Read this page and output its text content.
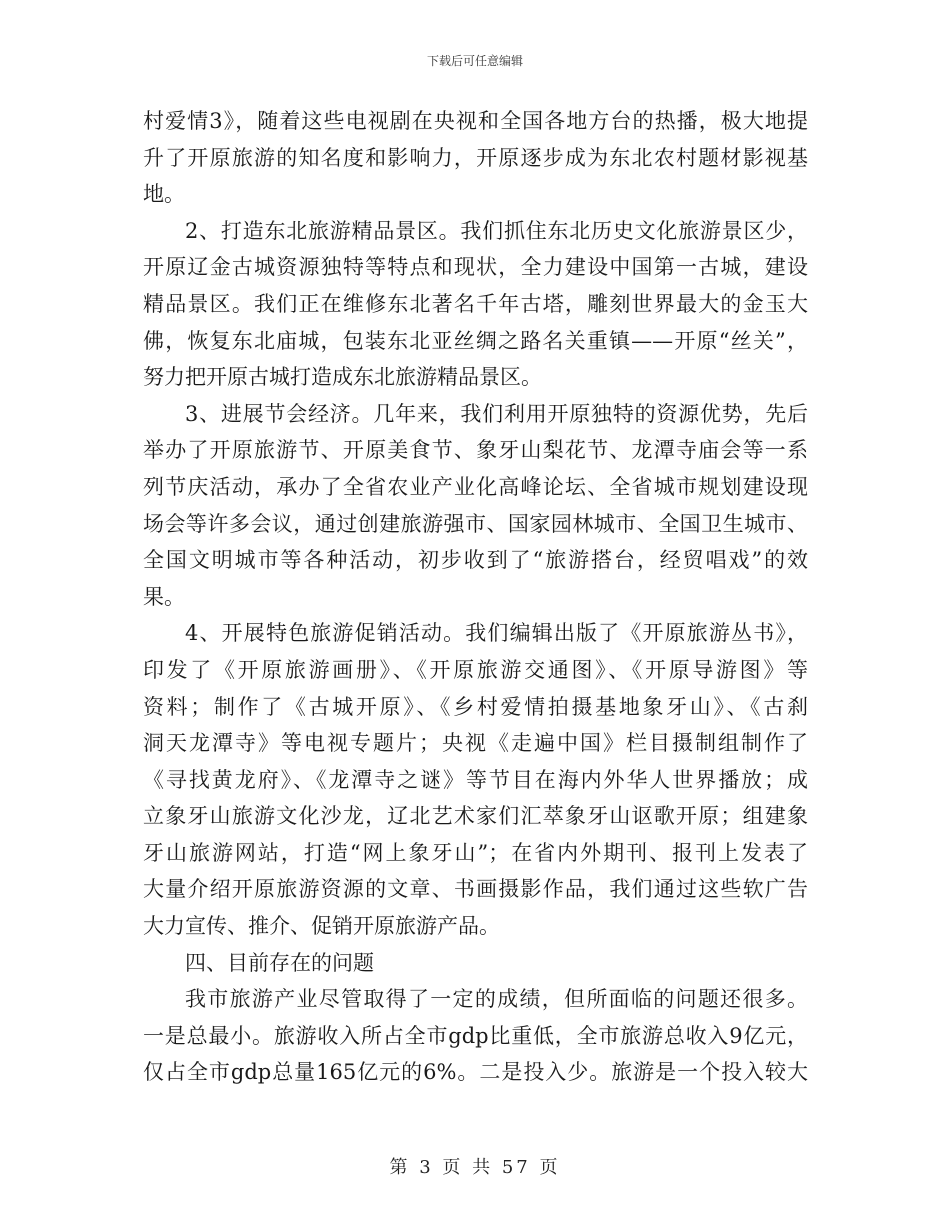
下载后可任意编辑
村爱情3》，随着这些电视剧在央视和全国各地方台的热播，极大地提
升了开原旅游的知名度和影响力，开原逐步成为东北农村题材影视基
地。
2、打造东北旅游精品景区。我们抓住东北历史文化旅游景区少，
开原辽金古城资源独特等特点和现状，全力建设中国第一古城，建设
精品景区。我们正在维修东北著名千年古塔，雕刻世界最大的金玉大
佛，恢复东北庙城，包装东北亚丝绸之路名关重镇——开原“丝关”，
努力把开原古城打造成东北旅游精品景区。
3、进展节会经济。几年来，我们利用开原独特的资源优势，先后
举办了开原旅游节、开原美食节、象牙山梨花节、龙潭寺庙会等一系
列节庆活动，承办了全省农业产业化高峰论坛、全省城市规划建设现
场会等许多会议，通过创建旅游强市、国家园林城市、全国卫生城市、
全国文明城市等各种活动，初步收到了“旅游搭台，经贸唱戏”的效
果。
4、开展特色旅游促销活动。我们编辑出版了《开原旅游丛书》，
印发了《开原旅游画册》、《开原旅游交通图》、《开原导游图》等
资料；制作了《古城开原》、《乡村爱情拍摄基地象牙山》、《古刹
洞天龙潭寺》等电视专题片；央视《走遍中国》栏目摄制组制作了
《寻找黄龙府》、《龙潭寺之谜》等节目在海内外华人世界播放；成
立象牙山旅游文化沙龙，辽北艺术家们汇萃象牙山讴歌开原；组建象
牙山旅游网站，打造“网上象牙山”；在省内外期刊、报刊上发表了
大量介绍开原旅游资源的文章、书画摄影作品，我们通过这些软广告
大力宣传、推介、促销开原旅游产品。
四、目前存在的问题
我市旅游产业尽管取得了一定的成绩，但所面临的问题还很多。
一是总最小。旅游收入所占全市gdp比重低，全市旅游总收入9亿元，
仅占全市gdp总量165亿元的6%。二是投入少。旅游是一个投入较大
第 3 页 共 57 页
